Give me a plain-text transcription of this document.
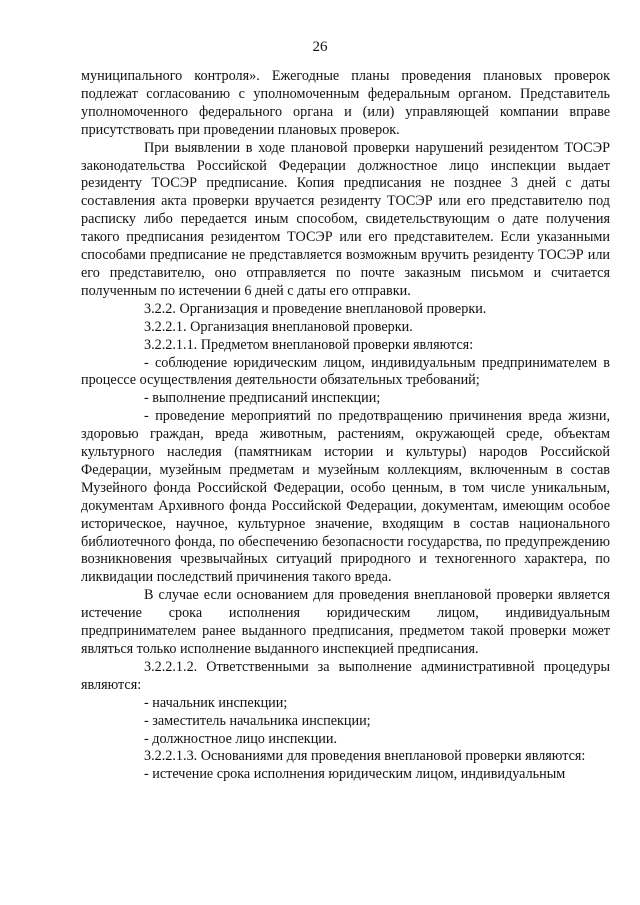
26

муниципального контроля». Ежегодные планы проведения плановых проверок подлежат согласованию с уполномоченным федеральным органом. Представитель уполномоченного федерального органа и (или) управляющей компании вправе присутствовать при проведении плановых проверок.

При выявлении в ходе плановой проверки нарушений резидентом ТОСЭР законодательства Российской Федерации должностное лицо инспекции выдает резиденту ТОСЭР предписание. Копия предписания не позднее 3 дней с даты составления акта проверки вручается резиденту ТОСЭР или его представителю под расписку либо передается иным способом, свидетельствующим о дате получения такого предписания резидентом ТОСЭР или его представителем. Если указанными способами предписание не представляется возможным вручить резиденту ТОСЭР или его представителю, оно отправляется по почте заказным письмом и считается полученным по истечении 6 дней с даты его отправки.

3.2.2. Организация и проведение внеплановой проверки.

3.2.2.1. Организация внеплановой проверки.

3.2.2.1.1. Предметом внеплановой проверки являются:

- соблюдение юридическим лицом, индивидуальным предпринимателем в процессе осуществления деятельности обязательных требований;

- выполнение предписаний инспекции;

- проведение мероприятий по предотвращению причинения вреда жизни, здоровью граждан, вреда животным, растениям, окружающей среде, объектам культурного наследия (памятникам истории и культуры) народов Российской Федерации, музейным предметам и музейным коллекциям, включенным в состав Музейного фонда Российской Федерации, особо ценным, в том числе уникальным, документам Архивного фонда Российской Федерации, документам, имеющим особое историческое, научное, культурное значение, входящим в состав национального библиотечного фонда, по обеспечению безопасности государства, по предупреждению возникновения чрезвычайных ситуаций природного и техногенного характера, по ликвидации последствий причинения такого вреда.

В случае если основанием для проведения внеплановой проверки является истечение срока исполнения юридическим лицом, индивидуальным предпринимателем ранее выданного предписания, предметом такой проверки может являться только исполнение выданного инспекцией предписания.

3.2.2.1.2. Ответственными за выполнение административной процедуры являются:

- начальник инспекции;

- заместитель начальника инспекции;

- должностное лицо инспекции.

3.2.2.1.3. Основаниями для проведения внеплановой проверки являются:

- истечение срока исполнения юридическим лицом, индивидуальным
